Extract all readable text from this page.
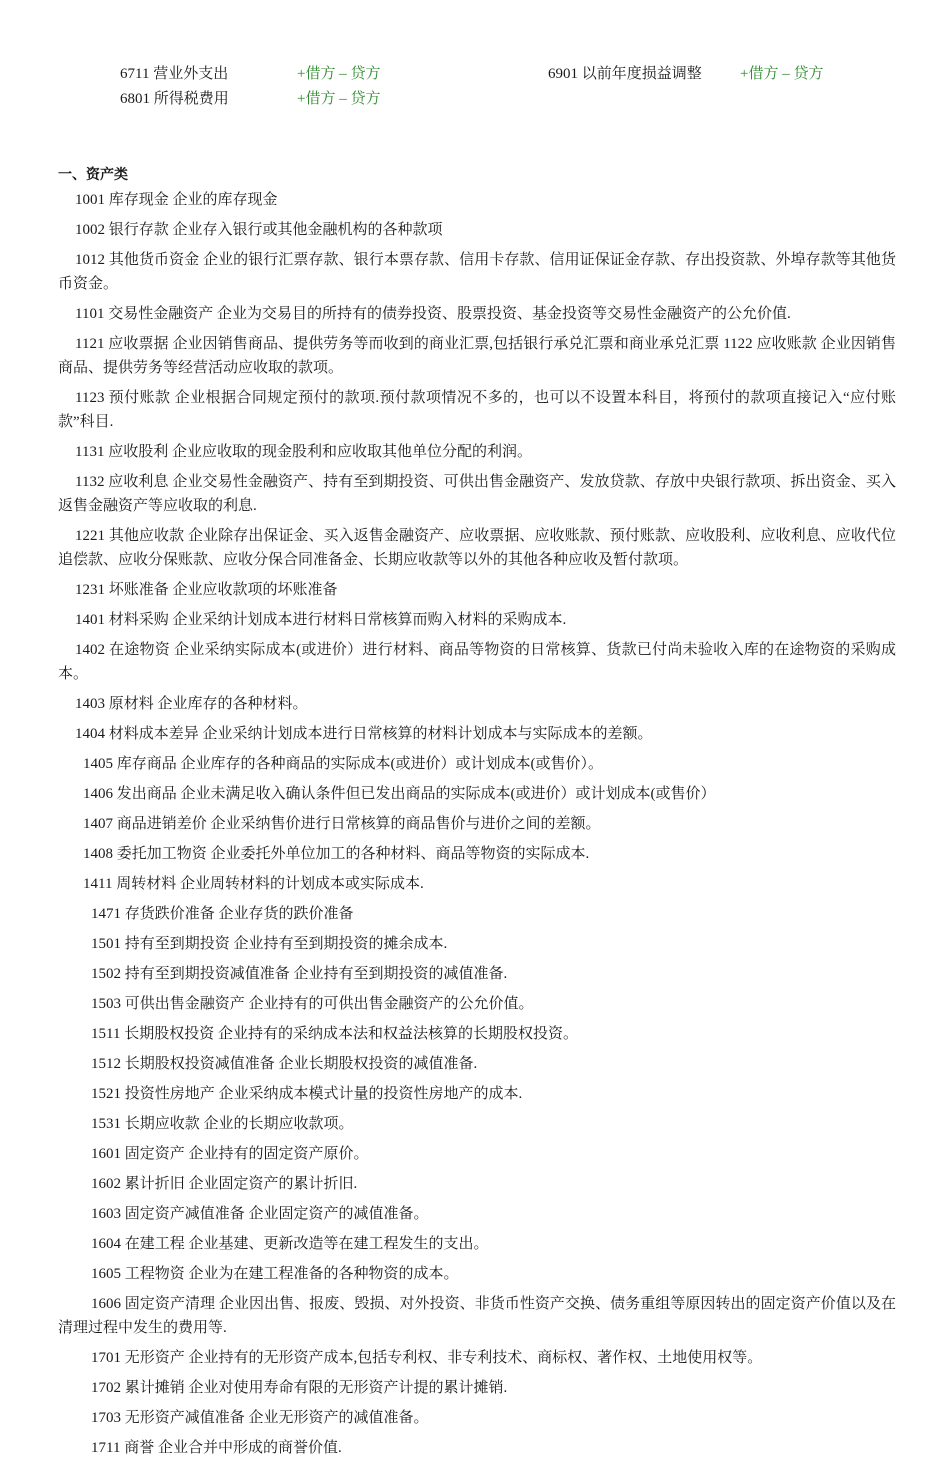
6711 营业外支出	+借方 – 贷方	6901 以前年度损益调整	+借方 – 贷方
6801 所得税费用	+借方 – 贷方
一、资产类

1001 库存现金 企业的库存现金

1002 银行存款 企业存入银行或其他金融机构的各种款项

1012 其他货币资金 企业的银行汇票存款、银行本票存款、信用卡存款、信用证保证金存款、存出投资款、外埠存款等其他货币资金。

1101 交易性金融资产 企业为交易目的所持有的债券投资、股票投资、基金投资等交易性金融资产的公允价值.

1121 应收票据 企业因销售商品、提供劳务等而收到的商业汇票,包括银行承兑汇票和商业承兑汇票 1122 应收账款 企业因销售商品、提供劳务等经营活动应收取的款项。

1123 预付账款 企业根据合同规定预付的款项.预付款项情况不多的，也可以不设置本科目，将预付的款项直接记入“应付账款”科目.

1131 应收股利 企业应收取的现金股利和应收取其他单位分配的利润。

1132 应收利息 企业交易性金融资产、持有至到期投资、可供出售金融资产、发放贷款、存放中央银行款项、拆出资金、买入返售金融资产等应收取的利息.

1221 其他应收款 企业除存出保证金、买入返售金融资产、应收票据、应收账款、预付账款、应收股利、应收利息、应收代位追偿款、应收分保账款、应收分保合同准备金、长期应收款等以外的其他各种应收及暂付款项。

1231 坏账准备 企业应收款项的坏账准备

1401 材料采购 企业采纳计划成本进行材料日常核算而购入材料的采购成本.

1402 在途物资 企业采纳实际成本(或进价）进行材料、商品等物资的日常核算、货款已付尚未验收入库的在途物资的采购成本。

1403 原材料 企业库存的各种材料。

1404 材料成本差异 企业采纳计划成本进行日常核算的材料计划成本与实际成本的差额。

1405 库存商品 企业库存的各种商品的实际成本(或进价）或计划成本(或售价）。

1406 发出商品 企业未满足收入确认条件但已发出商品的实际成本(或进价）或计划成本(或售价）

1407 商品进销差价 企业采纳售价进行日常核算的商品售价与进价之间的差额。

1408 委托加工物资 企业委托外单位加工的各种材料、商品等物资的实际成本.

1411 周转材料 企业周转材料的计划成本或实际成本.

1471 存货跌价准备 企业存货的跌价准备

1501 持有至到期投资 企业持有至到期投资的摊余成本.

1502 持有至到期投资减值准备 企业持有至到期投资的减值准备.

1503 可供出售金融资产 企业持有的可供出售金融资产的公允价值。

1511 长期股权投资 企业持有的采纳成本法和权益法核算的长期股权投资。

1512 长期股权投资减值准备 企业长期股权投资的减值准备.

1521 投资性房地产 企业采纳成本模式计量的投资性房地产的成本.

1531 长期应收款 企业的长期应收款项。

1601 固定资产 企业持有的固定资产原价。

1602 累计折旧 企业固定资产的累计折旧.

1603 固定资产减值准备 企业固定资产的减值准备。

1604 在建工程 企业基建、更新改造等在建工程发生的支出。

1605 工程物资 企业为在建工程准备的各种物资的成本。

1606 固定资产清理 企业因出售、报废、毁损、对外投资、非货币性资产交换、债务重组等原因转出的固定资产价值以及在清理过程中发生的费用等.

1701 无形资产 企业持有的无形资产成本,包括专利权、非专利技术、商标权、著作权、土地使用权等。

1702 累计摊销 企业对使用寿命有限的无形资产计提的累计摊销.

1703 无形资产减值准备 企业无形资产的减值准备。

1711 商誉 企业合并中形成的商誉价值.
